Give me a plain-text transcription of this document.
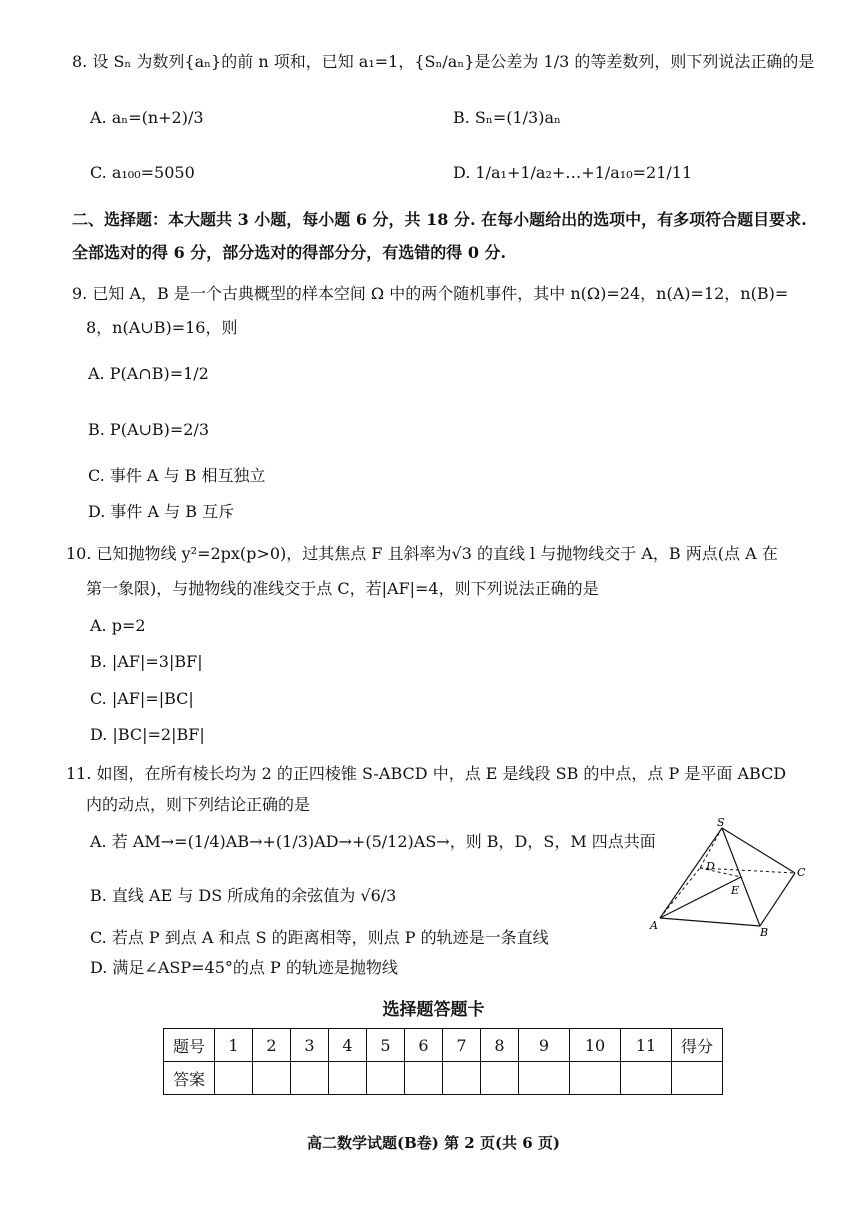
8. 设 Sₙ 为数列{aₙ}的前 n 项和，已知 a₁=1，{Sₙ/aₙ}是公差为 1/3 的等差数列，则下列说法正确的是
A. aₙ=(n+2)/3	B. Sₙ=(1/3)aₙ
C. a₁₀₀=5050	D. 1/a₁+1/a₂+…+1/a₁₀=21/11
二、选择题：本大题共 3 小题，每小题 6 分，共 18 分. 在每小题给出的选项中，有多项符合题目要求.
全部选对的得 6 分，部分选对的得部分分，有选错的得 0 分.
9. 已知 A，B 是一个古典概型的样本空间 Ω 中的两个随机事件，其中 n(Ω)=24，n(A)=12，n(B)=
8，n(A∪B)=16，则
A. P(A∩B)=1/2
B. P(A∪B)=2/3
C. 事件 A 与 B 相互独立
D. 事件 A 与 B 互斥
10. 已知抛物线 y²=2px(p>0)，过其焦点 F 且斜率为√3 的直线 l 与抛物线交于 A，B 两点(点 A 在
第一象限)，与抛物线的准线交于点 C，若|AF|=4，则下列说法正确的是
A. p=2
B. |AF|=3|BF|
C. |AF|=|BC|
D. |BC|=2|BF|
11. 如图，在所有棱长均为 2 的正四棱锥 S-ABCD 中，点 E 是线段 SB 的中点，点 P 是平面 ABCD
内的动点，则下列结论正确的是
A. 若 AM→=(1/4)AB→+(1/3)AD→+(5/12)AS→，则 B，D，S，M 四点共面
B. 直线 AE 与 DS 所成角的余弦值为 √6/3
C. 若点 P 到点 A 和点 S 的距离相等，则点 P 的轨迹是一条直线
D. 满足∠ASP=45°的点 P 的轨迹是抛物线
S
D	C
E
A
B
选择题答题卡
题号	1	2	3	4	5	6	7	8	9	10	11	得分
答案												
高二数学试题(B卷) 第 2 页(共 6 页)
